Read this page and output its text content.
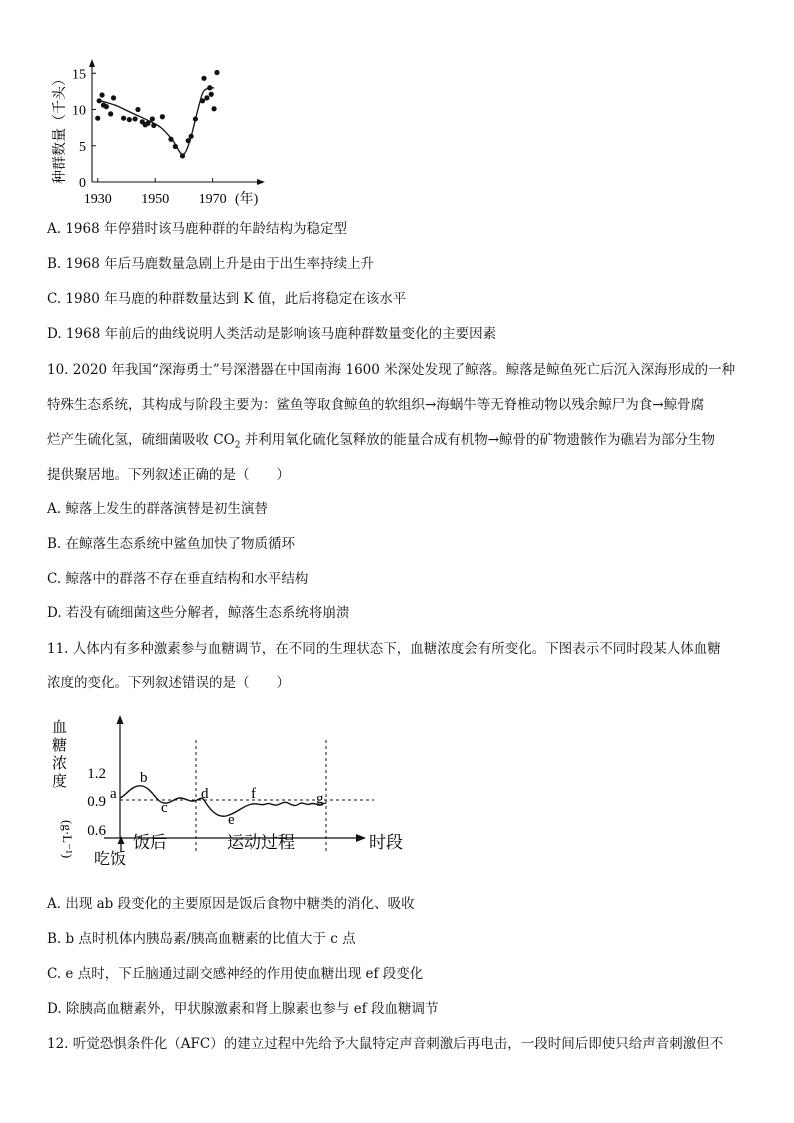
种群数量（千头） 0
5
10
15
1930 1950 1970 (年)
A. 1968 年停猎时该马鹿种群的年龄结构为稳定型
B. 1968 年后马鹿数量急剧上升是由于出生率持续上升
C. 1980 年马鹿的种群数量达到 K 值，此后将稳定在该水平
D. 1968 年前后的曲线说明人类活动是影响该马鹿种群数量变化的主要因素
10. 2020 年我国“深海勇士”号深潜器在中国南海 1600 米深处发现了鲸落。鲸落是鲸鱼死亡后沉入深海形成的一种
特殊生态系统，其构成与阶段主要为：鲨鱼等取食鲸鱼的软组织→海蜗牛等无脊椎动物以残余鲸尸为食→鲸骨腐
烂产生硫化氢，硫细菌吸收 $CO_2$ 并利用氧化硫化氢释放的能量合成有机物→鲸骨的矿物遗骸作为礁岩为部分生物
提供聚居地。下列叙述正确的是（　　）
A. 鲸落上发生的群落演替是初生演替
B. 在鲸落生态系统中鲨鱼加快了物质循环
C. 鲸落中的群落不存在垂直结构和水平结构
D. 若没有硫细菌这些分解者，鲸落生态系统将崩溃
11. 人体内有多种激素参与血糖调节，在不同的生理状态下，血糖浓度会有所变化。下图表示不同时段某人体血糖
浓度的变化。下列叙述错误的是（　　）
血
糖
浓
度
(g·L⁻¹)
1.2
0.9
0.6
a
b
c
d
e
f	g
饭后	运动过程	时段
吃饭
A. 出现 ab 段变化的主要原因是饭后食物中糖类的消化、吸收
B. b 点时机体内胰岛素/胰高血糖素的比值大于 c 点
C. e 点时，下丘脑通过副交感神经的作用使血糖出现 ef 段变化
D. 除胰高血糖素外，甲状腺激素和肾上腺素也参与 ef 段血糖调节
12. 听觉恐惧条件化（AFC）的建立过程中先给予大鼠特定声音刺激后再电击，一段时间后即使只给声音刺激但不
